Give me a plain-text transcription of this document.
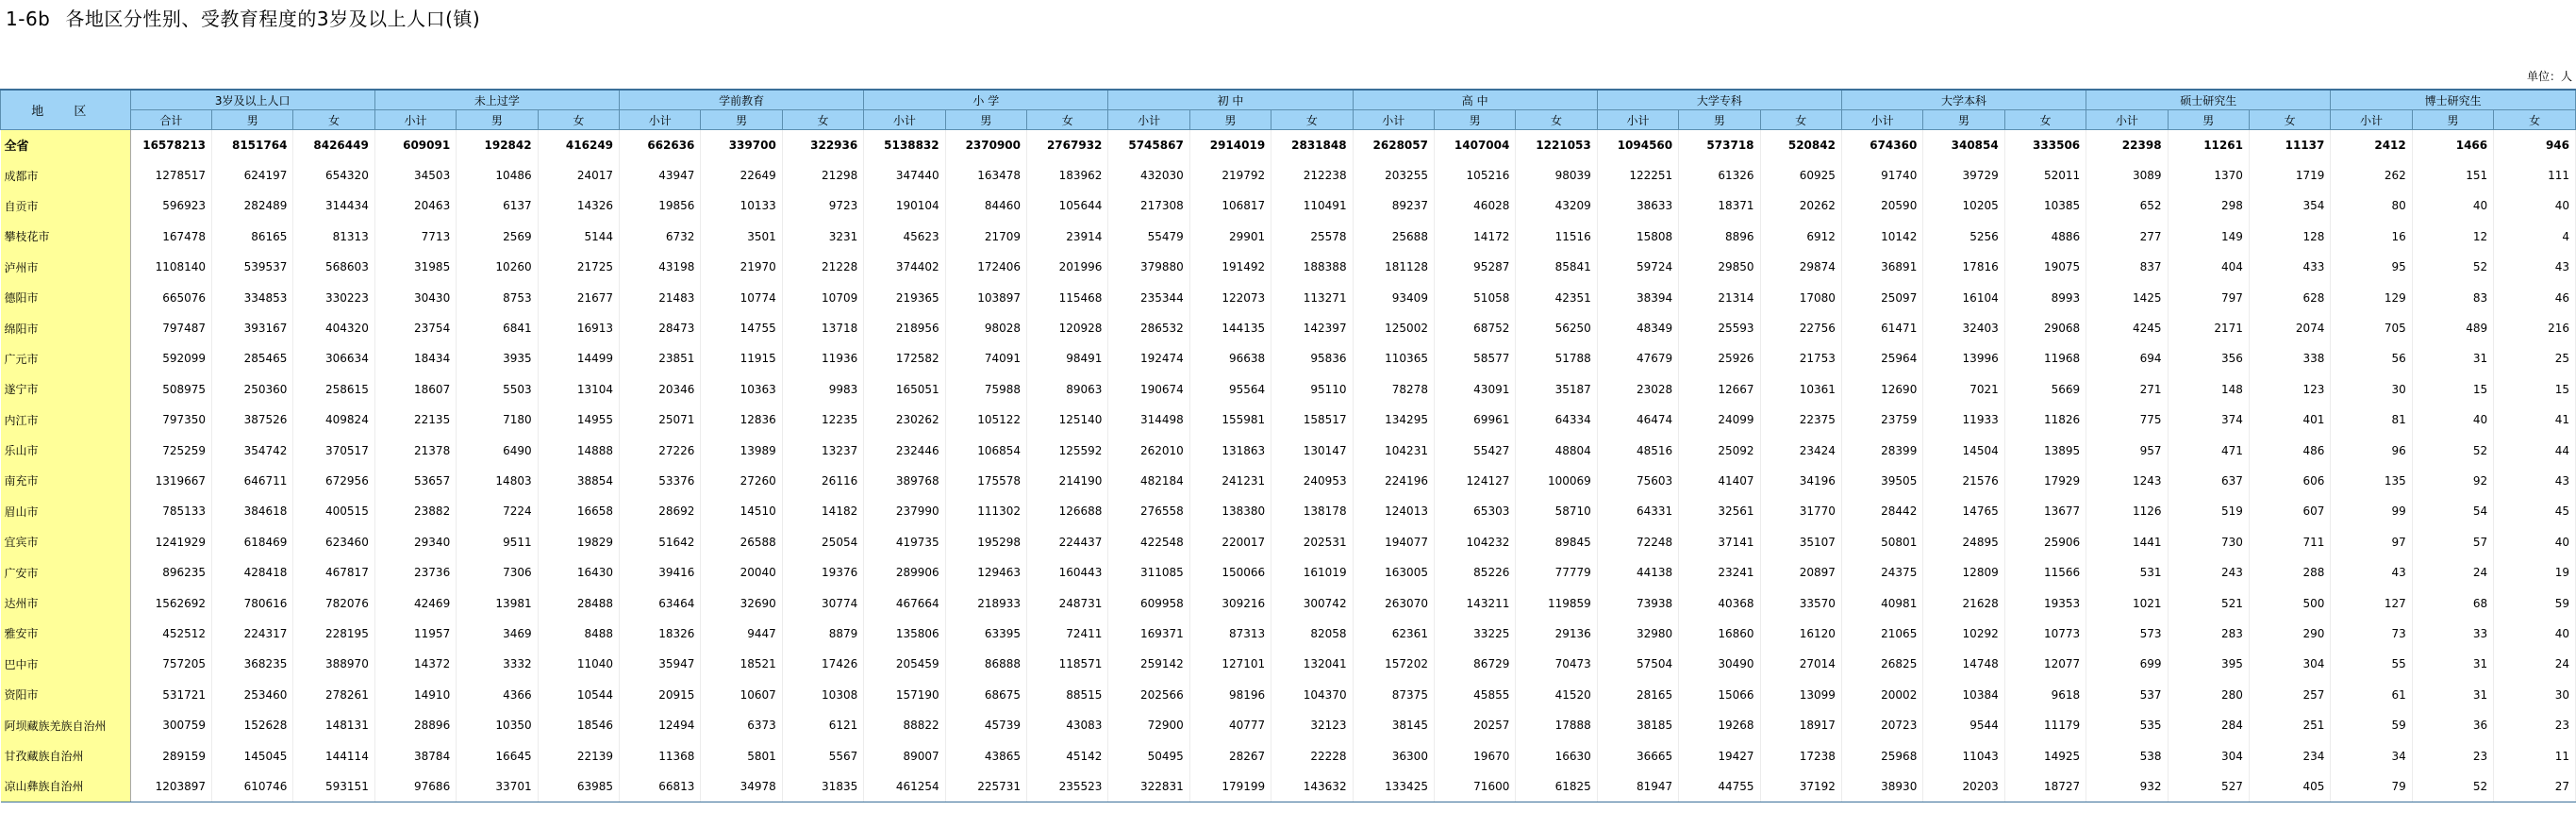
1-6b 各地区分性别、受教育程度的3岁及以上人口(镇)
单位：人
地 区	3岁及以上人口			未上过学			学前教育			小 学			初 中			高 中			大学专科			大学本科			硕士研究生			博士研究生		
	合计	男	女	小计	男	女	小计	男	女	小计	男	女	小计	男	女	小计	男	女	小计	男	女	小计	男	女	小计	男	女	小计	男	女
全省	16578213	8151764	8426449	609091	192842	416249	662636	339700	322936	5138832	2370900	2767932	5745867	2914019	2831848	2628057	1407004	1221053	1094560	573718	520842	674360	340854	333506	22398	11261	11137	2412	1466	946
成都市	1278517	624197	654320	34503	10486	24017	43947	22649	21298	347440	163478	183962	432030	219792	212238	203255	105216	98039	122251	61326	60925	91740	39729	52011	3089	1370	1719	262	151	111
自贡市	596923	282489	314434	20463	6137	14326	19856	10133	9723	190104	84460	105644	217308	106817	110491	89237	46028	43209	38633	18371	20262	20590	10205	10385	652	298	354	80	40	40
攀枝花市	167478	86165	81313	7713	2569	5144	6732	3501	3231	45623	21709	23914	55479	29901	25578	25688	14172	11516	15808	8896	6912	10142	5256	4886	277	149	128	16	12	4
泸州市	1108140	539537	568603	31985	10260	21725	43198	21970	21228	374402	172406	201996	379880	191492	188388	181128	95287	85841	59724	29850	29874	36891	17816	19075	837	404	433	95	52	43
德阳市	665076	334853	330223	30430	8753	21677	21483	10774	10709	219365	103897	115468	235344	122073	113271	93409	51058	42351	38394	21314	17080	25097	16104	8993	1425	797	628	129	83	46
绵阳市	797487	393167	404320	23754	6841	16913	28473	14755	13718	218956	98028	120928	286532	144135	142397	125002	68752	56250	48349	25593	22756	61471	32403	29068	4245	2171	2074	705	489	216
广元市	592099	285465	306634	18434	3935	14499	23851	11915	11936	172582	74091	98491	192474	96638	95836	110365	58577	51788	47679	25926	21753	25964	13996	11968	694	356	338	56	31	25
遂宁市	508975	250360	258615	18607	5503	13104	20346	10363	9983	165051	75988	89063	190674	95564	95110	78278	43091	35187	23028	12667	10361	12690	7021	5669	271	148	123	30	15	15
内江市	797350	387526	409824	22135	7180	14955	25071	12836	12235	230262	105122	125140	314498	155981	158517	134295	69961	64334	46474	24099	22375	23759	11933	11826	775	374	401	81	40	41
乐山市	725259	354742	370517	21378	6490	14888	27226	13989	13237	232446	106854	125592	262010	131863	130147	104231	55427	48804	48516	25092	23424	28399	14504	13895	957	471	486	96	52	44
南充市	1319667	646711	672956	53657	14803	38854	53376	27260	26116	389768	175578	214190	482184	241231	240953	224196	124127	100069	75603	41407	34196	39505	21576	17929	1243	637	606	135	92	43
眉山市	785133	384618	400515	23882	7224	16658	28692	14510	14182	237990	111302	126688	276558	138380	138178	124013	65303	58710	64331	32561	31770	28442	14765	13677	1126	519	607	99	54	45
宜宾市	1241929	618469	623460	29340	9511	19829	51642	26588	25054	419735	195298	224437	422548	220017	202531	194077	104232	89845	72248	37141	35107	50801	24895	25906	1441	730	711	97	57	40
广安市	896235	428418	467817	23736	7306	16430	39416	20040	19376	289906	129463	160443	311085	150066	161019	163005	85226	77779	44138	23241	20897	24375	12809	11566	531	243	288	43	24	19
达州市	1562692	780616	782076	42469	13981	28488	63464	32690	30774	467664	218933	248731	609958	309216	300742	263070	143211	119859	73938	40368	33570	40981	21628	19353	1021	521	500	127	68	59
雅安市	452512	224317	228195	11957	3469	8488	18326	9447	8879	135806	63395	72411	169371	87313	82058	62361	33225	29136	32980	16860	16120	21065	10292	10773	573	283	290	73	33	40
巴中市	757205	368235	388970	14372	3332	11040	35947	18521	17426	205459	86888	118571	259142	127101	132041	157202	86729	70473	57504	30490	27014	26825	14748	12077	699	395	304	55	31	24
资阳市	531721	253460	278261	14910	4366	10544	20915	10607	10308	157190	68675	88515	202566	98196	104370	87375	45855	41520	28165	15066	13099	20002	10384	9618	537	280	257	61	31	30
阿坝藏族羌族自治州	300759	152628	148131	28896	10350	18546	12494	6373	6121	88822	45739	43083	72900	40777	32123	38145	20257	17888	38185	19268	18917	20723	9544	11179	535	284	251	59	36	23
甘孜藏族自治州	289159	145045	144114	38784	16645	22139	11368	5801	5567	89007	43865	45142	50495	28267	22228	36300	19670	16630	36665	19427	17238	25968	11043	14925	538	304	234	34	23	11
凉山彝族自治州	1203897	610746	593151	97686	33701	63985	66813	34978	31835	461254	225731	235523	322831	179199	143632	133425	71600	61825	81947	44755	37192	38930	20203	18727	932	527	405	79	52	27
